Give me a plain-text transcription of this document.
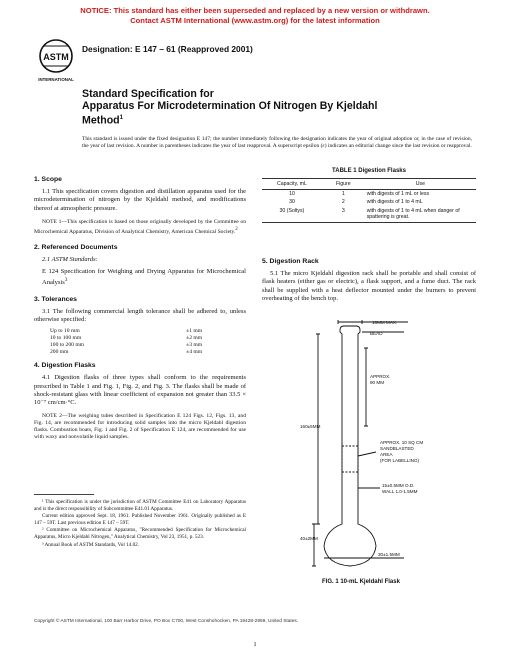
NOTICE: This standard has either been superseded and replaced by a new version or withdrawn.
Contact ASTM International (www.astm.org) for the latest information
ASTM
INTERNATIONAL
Designation: E 147 – 61 (Reapproved 2001)
Standard Specification for
Apparatus For Microdetermination Of Nitrogen By Kjeldahl
Method$^1$
This standard is issued under the fixed designation E 147; the number immediately following the designation indicates the year of original adoption or, in the case of revision, the year of last revision. A number in parentheses indicates the year of last reapproval. A superscript epsilon (ε) indicates an editorial change since the last revision or reapproval.
1. Scope

1.1 This specification covers digestion and distillation apparatus used for the microdetermination of nitrogen by the Kjeldahl method, and modifications thereof at atmospheric pressure.

NOTE 1—This specification is based on those originally developed by the Committee on Microchemical Apparatus, Division of Analytical Chemistry, American Chemical Society.$^2$

2. Referenced Documents

2.1 ASTM Standards:

E 124 Specification for Weighing and Drying Apparatus for Microchemical Analysis$^3$

3. Tolerances

3.1 The following commercial length tolerance shall be adhered to, unless otherwise specified:

Up to 10 mm	±1 mm
10 to 100 mm	±2 mm
100 to 200 mm	±3 mm
200 mm	±4 mm
4. Digestion Flasks

4.1 Digestion flasks of three types shall conform to the requirements prescribed in Table 1 and Fig. 1, Fig. 2, and Fig. 3. The flasks shall be made of shock-resistant glass with linear coefficient of expansion not greater than 33.5 × 10⁻⁷ cm/cm·°C.

NOTE 2—The weighing tubes described in Specification E 124 Figs. 12, Figs. 13, and Fig. 14, are recommended for introducing solid samples into the micro Kjeldahl digestion flasks. Combustion boats, Fig. 1 and Fig. 2 of Specification E 124, are recommended for use with waxy and nonvolatile liquid samples.

¹ This specification is under the jurisdiction of ASTM Committee E41 on Laboratory Apparatus and is the direct responsibility of Subcommittee E41.01 Apparatus.

Current edition approved Sept. 18, 1961. Published November 1961. Originally published as E 147 – 59T. Last previous edition E 147 – 59T.

² Committee on Microchemical Apparatus, "Recommended Specification for Microchemical Apparatus, Micro Kjeldahl Nitrogen," Analytical Chemistry, Vol 23, 1951, p. 523.

³ Annual Book of ASTM Standards, Vol 14.02.

TABLE 1 Digestion Flasks
Capacity, mL	Figure	Use
10	1	with digests of 1 mL or less
30	2	with digests of 1 to 4 mL
30 (Soltys)	3	with digests of 1 to 4 mL when danger of spattering is great.
5. Digestion Rack

5.1 The micro Kjeldahl digestion rack shall be portable and shall consist of flask heaters (either gas or electric), a flask support, and a fume duct. The rack shall be supplied with a heat deflector mounted under the burners to prevent overheating of the bench top.

18MM MAX.
BEAD
APPROX.
90 MM
160±5MM
APPROX. 10 SQ CM
SANDBLASTED
AREA
(FOR LABELLING)
15±0.5MM O.D.
WALL 1.0-1.5MM
40±2MM
30±1.5MM
FIG. 1 10-mL Kjeldahl Flask
Copyright © ASTM International, 100 Barr Harbor Drive, PO Box C700, West Conshohocken, PA 19428-2959, United States.
1
